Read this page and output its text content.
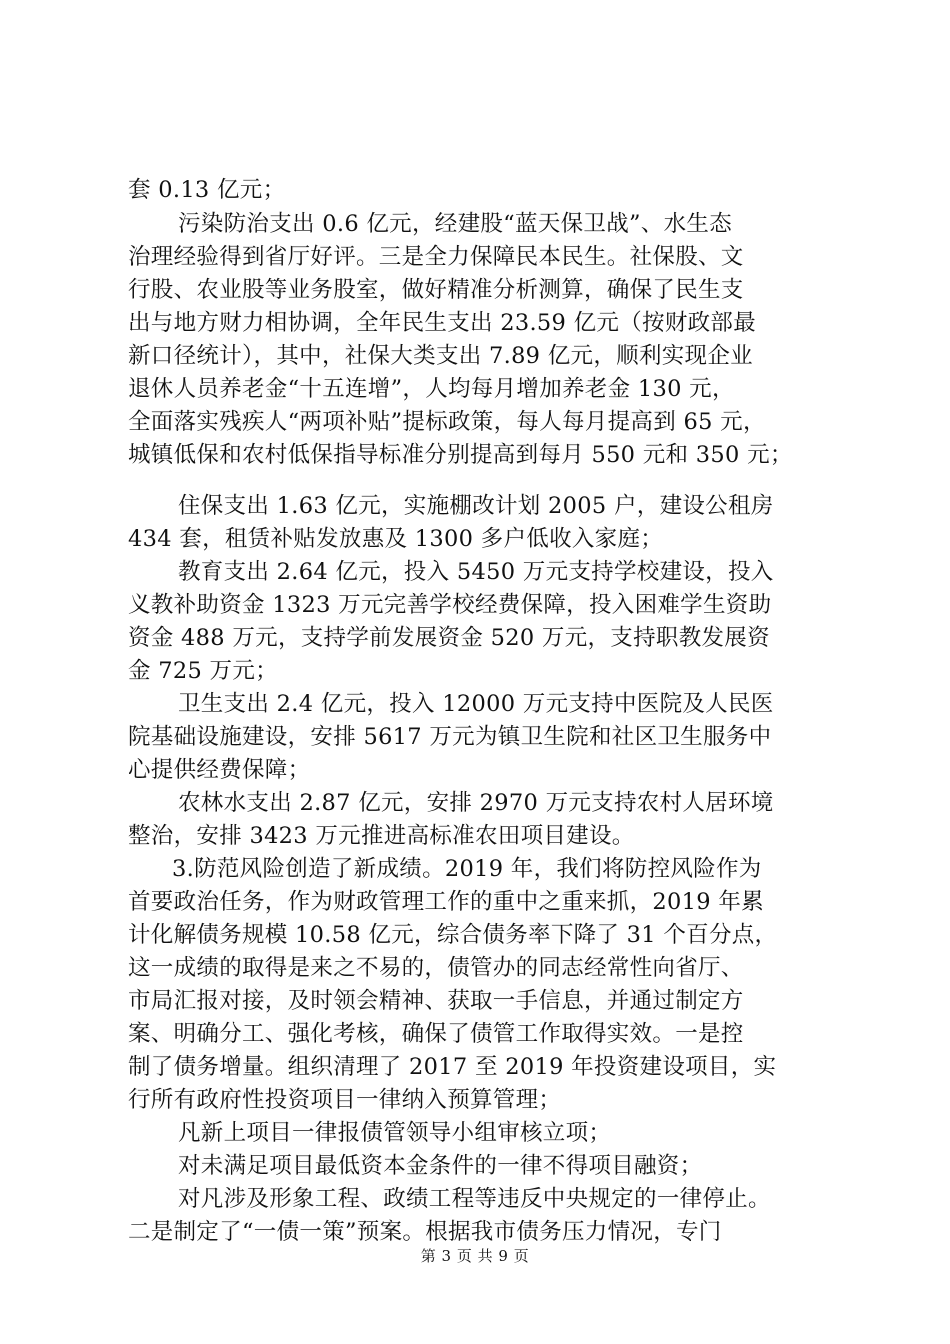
套 0.13 亿元；
污染防治支出 0.6 亿元，经建股“蓝天保卫战”、水生态
治理经验得到省厅好评。三是全力保障民本民生。社保股、文
行股、农业股等业务股室，做好精准分析测算，确保了民生支
出与地方财力相协调，全年民生支出 23.59 亿元（按财政部最
新口径统计），其中，社保大类支出 7.89 亿元，顺利实现企业
退休人员养老金“十五连增”，人均每月增加养老金 130 元，
全面落实残疾人“两项补贴”提标政策，每人每月提高到 65 元，
城镇低保和农村低保指导标准分别提高到每月 550 元和 350 元；
住保支出 1.63 亿元，实施棚改计划 2005 户，建设公租房
434 套，租赁补贴发放惠及 1300 多户低收入家庭；
教育支出 2.64 亿元，投入 5450 万元支持学校建设，投入
义教补助资金 1323 万元完善学校经费保障，投入困难学生资助
资金 488 万元，支持学前发展资金 520 万元，支持职教发展资
金 725 万元；
卫生支出 2.4 亿元，投入 12000 万元支持中医院及人民医
院基础设施建设，安排 5617 万元为镇卫生院和社区卫生服务中
心提供经费保障；
农林水支出 2.87 亿元，安排 2970 万元支持农村人居环境
整治，安排 3423 万元推进高标准农田项目建设。
3.防范风险创造了新成绩。2019 年，我们将防控风险作为
首要政治任务，作为财政管理工作的重中之重来抓，2019 年累
计化解债务规模 10.58 亿元，综合债务率下降了 31 个百分点，
这一成绩的取得是来之不易的，债管办的同志经常性向省厅、
市局汇报对接，及时领会精神、获取一手信息，并通过制定方
案、明确分工、强化考核，确保了债管工作取得实效。一是控
制了债务增量。组织清理了 2017 至 2019 年投资建设项目，实
行所有政府性投资项目一律纳入预算管理；
凡新上项目一律报债管领导小组审核立项；
对未满足项目最低资本金条件的一律不得项目融资；
对凡涉及形象工程、政绩工程等违反中央规定的一律停止。
二是制定了“一债一策”预案。根据我市债务压力情况，专门
第 3 页 共 9 页
